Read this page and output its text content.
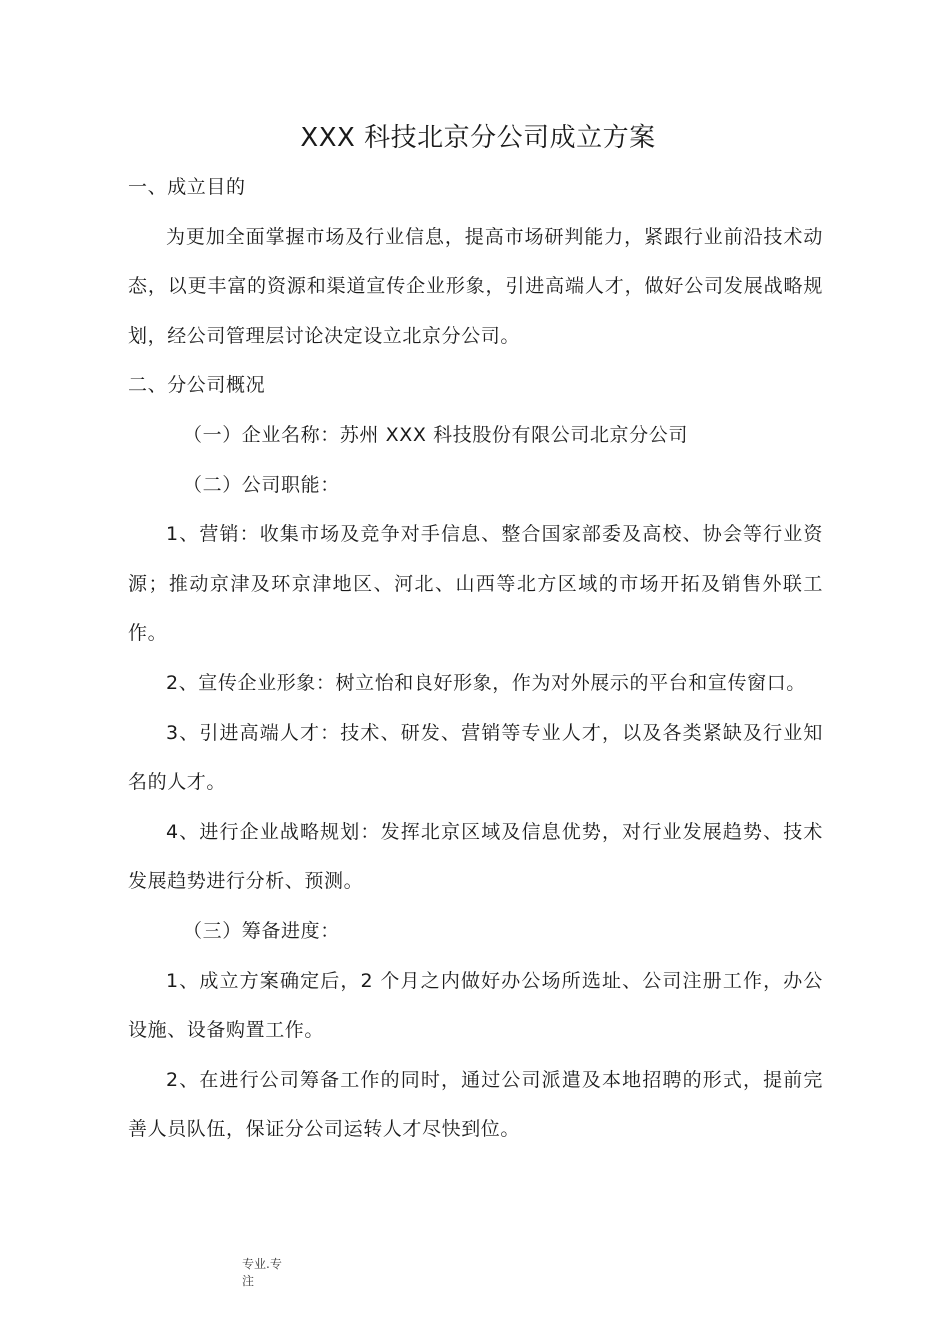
XXX 科技北京分公司成立方案

一、成立目的

为更加全面掌握市场及行业信息，提高市场研判能力，紧跟行业前沿技术动态，以更丰富的资源和渠道宣传企业形象，引进高端人才，做好公司发展战略规划，经公司管理层讨论决定设立北京分公司。

二、分公司概况

（一）企业名称：苏州 XXX 科技股份有限公司北京分公司

（二）公司职能：

1、营销：收集市场及竞争对手信息、整合国家部委及高校、协会等行业资源；推动京津及环京津地区、河北、山西等北方区域的市场开拓及销售外联工作。

2、宣传企业形象：树立怡和良好形象，作为对外展示的平台和宣传窗口。

3、引进高端人才：技术、研发、营销等专业人才，以及各类紧缺及行业知名的人才。

4、进行企业战略规划：发挥北京区域及信息优势，对行业发展趋势、技术发展趋势进行分析、预测。

（三）筹备进度：

1、成立方案确定后，2 个月之内做好办公场所选址、公司注册工作，办公设施、设备购置工作。

2、在进行公司筹备工作的同时，通过公司派遣及本地招聘的形式，提前完善人员队伍，保证分公司运转人才尽快到位。

专业.专注
